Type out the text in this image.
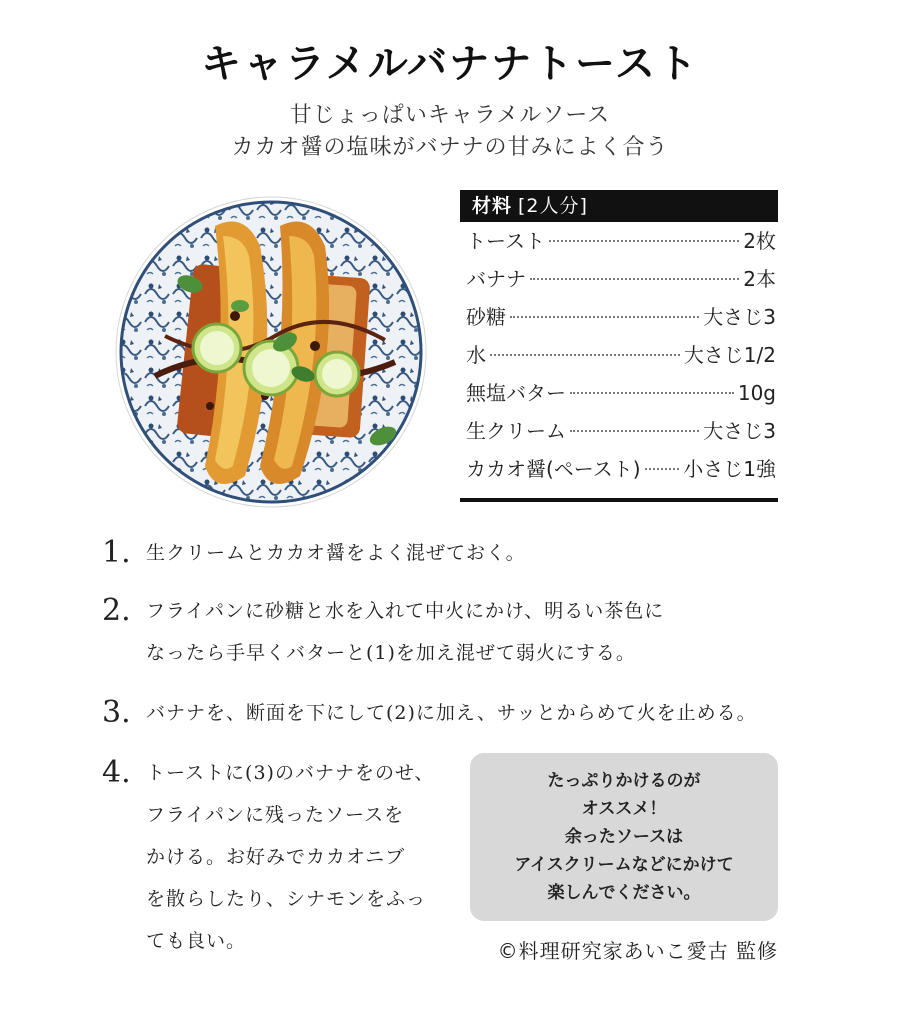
キャラメルバナナトースト
甘じょっぱいキャラメルソース
カカオ醤の塩味がバナナの甘みによく合う
材料 [2人分]
トースト	2枚
バナナ	2本
砂糖	大さじ3
水	大さじ1/2
無塩バター	10g
生クリーム	大さじ3
カカオ醤(ペースト) 小さじ1強
1. 生クリームとカカオ醤をよく混ぜておく。
2. フライパンに砂糖と水を入れて中火にかけ、明るい茶色に
なったら手早くバターと(1)を加え混ぜて弱火にする。
3. バナナを、断面を下にして(2)に加え、サッとからめて火を止める。
4. トーストに(3)のバナナをのせ、
フライパンに残ったソースを
かける。お好みでカカオニブ
を散らしたり、シナモンをふっ
ても良い。
たっぷりかけるのが
オススメ！
余ったソースは
アイスクリームなどにかけて
楽しんでください。
©料理研究家あいこ愛古 監修
